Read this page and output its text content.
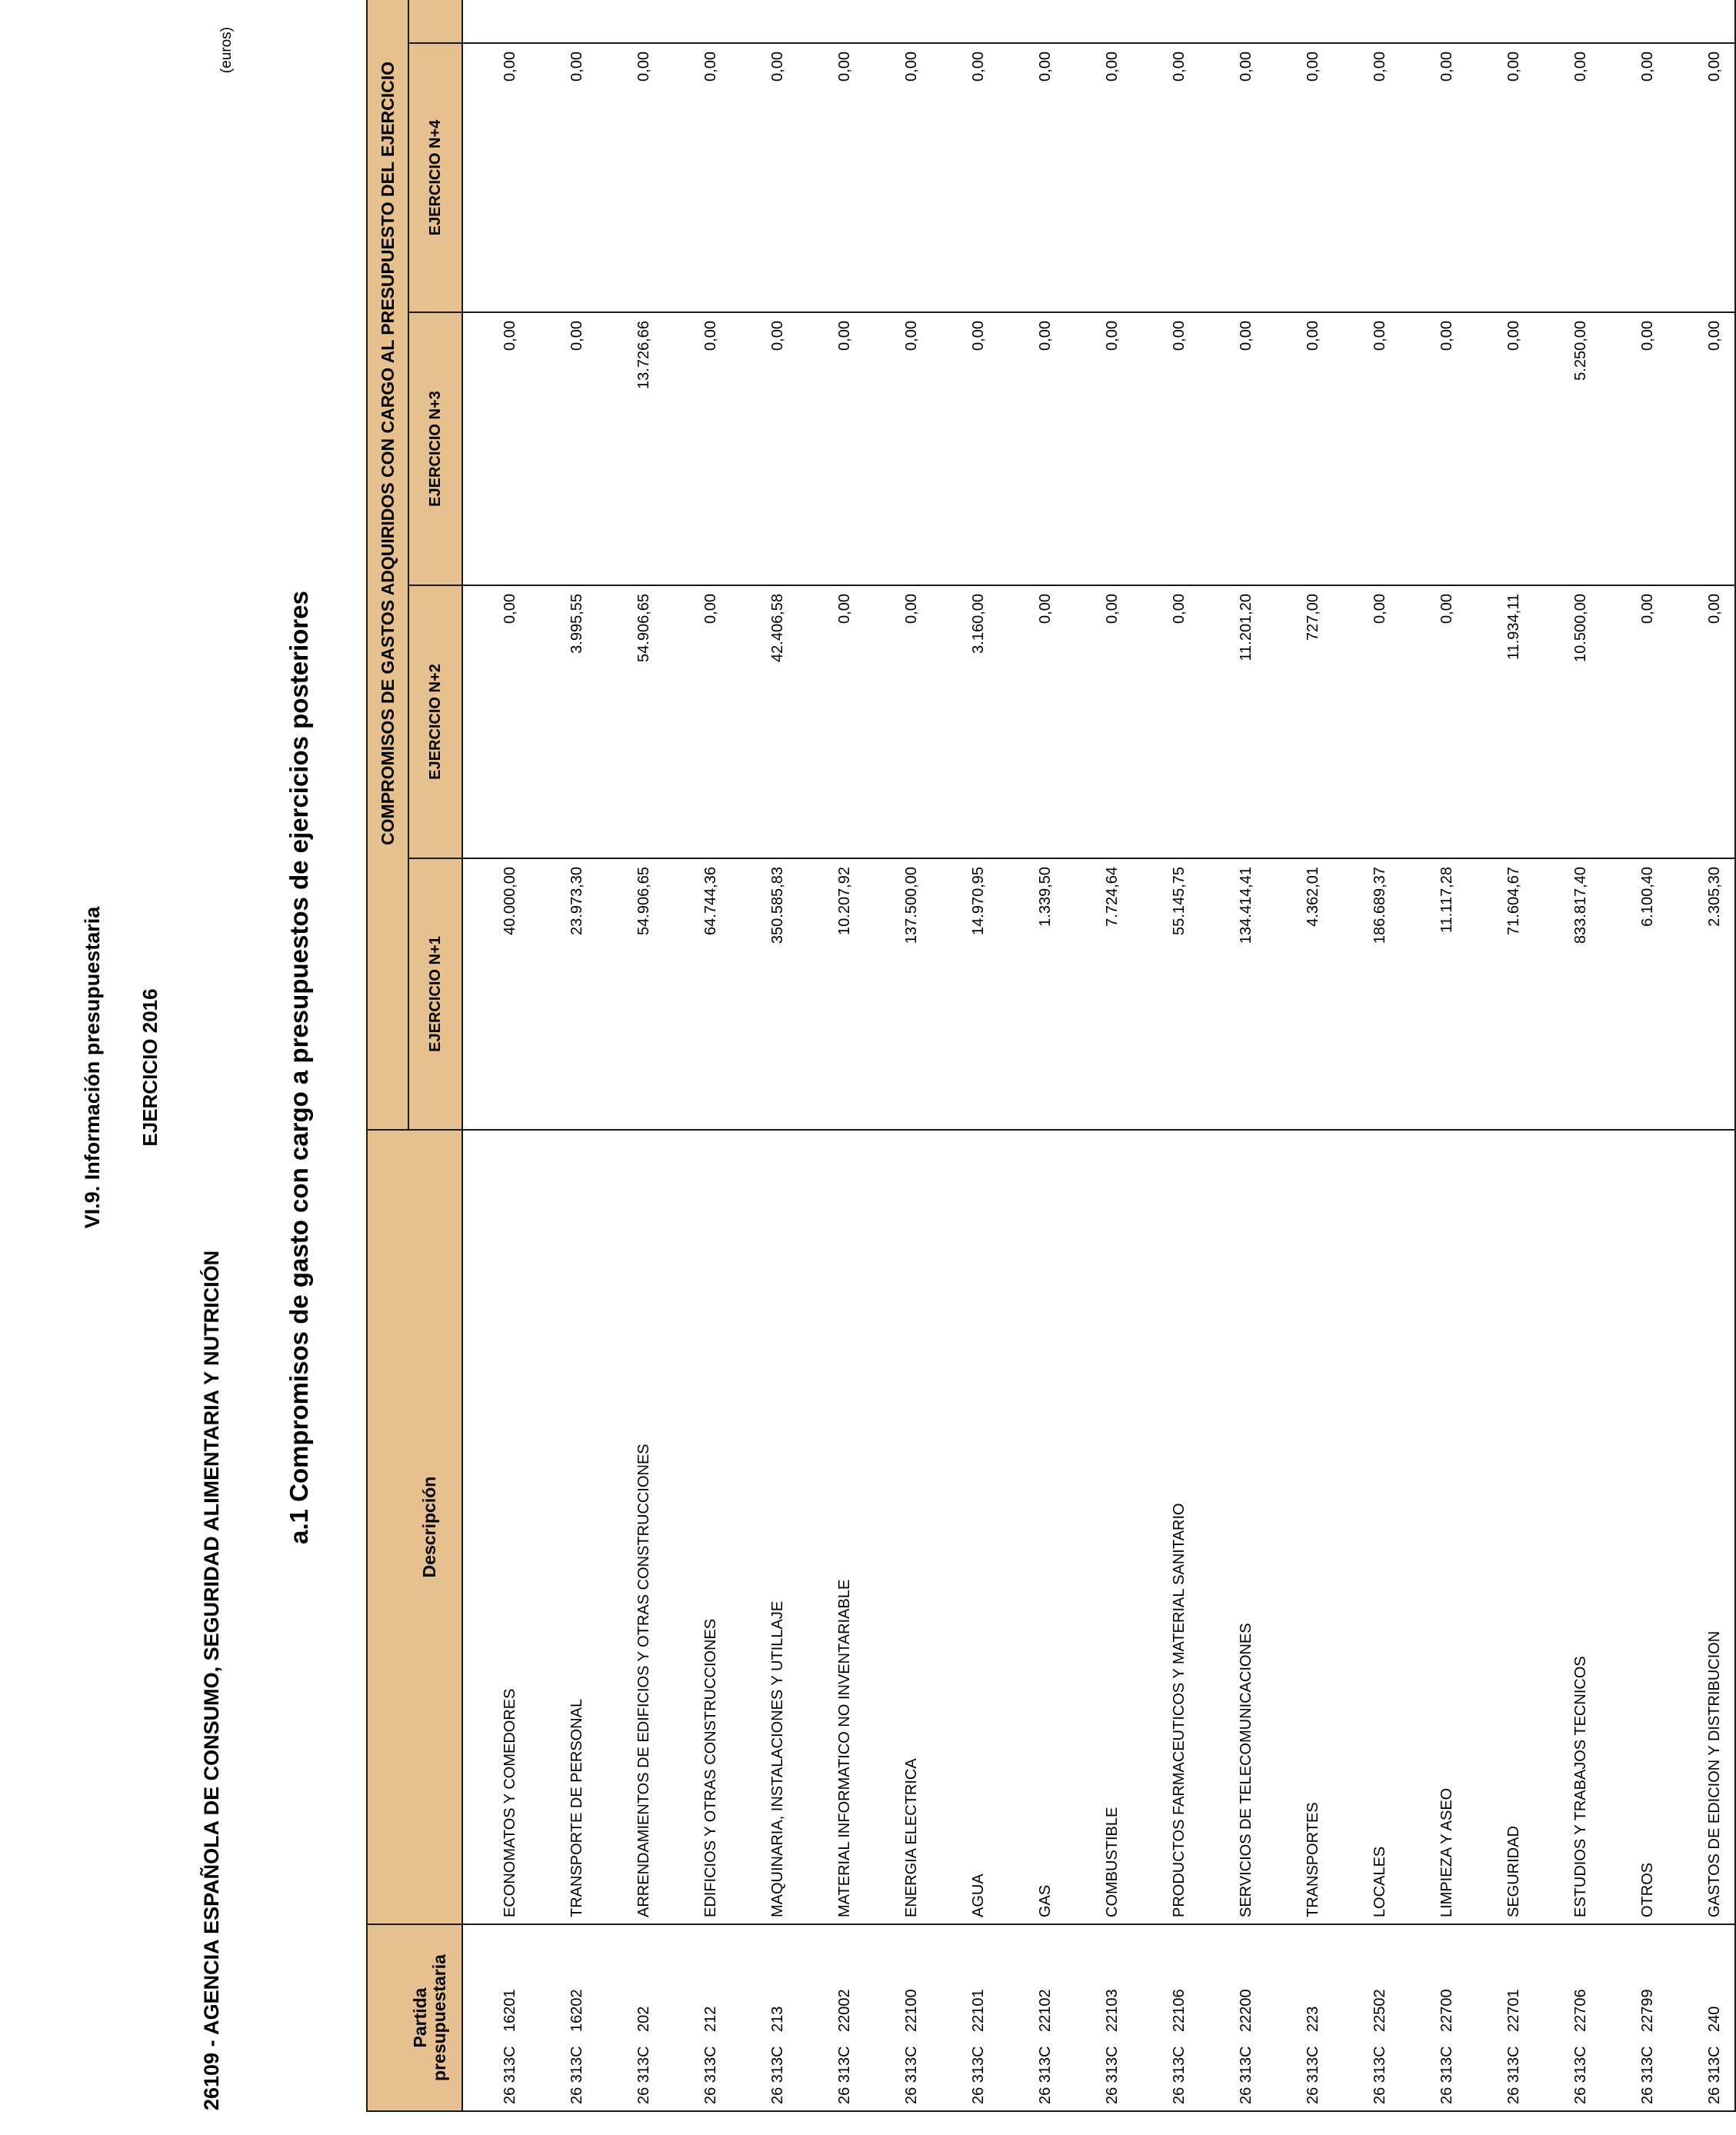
VI.9. Información presupuestaria EJERCICIO 2016
26109 - AGENCIA ESPAÑOLA DE CONSUMO, SEGURIDAD ALIMENTARIA Y NUTRICIÓN
a.1 Compromisos de gasto con cargo a presupuestos de ejercicios posteriores
(euros)
Partida presupuestaria	Descripción	COMPROMISOS DE GASTOS ADQUIRIDOS CON CARGO AL PRESUPUESTO DEL EJERCICIO				
		EJERCICIO N+1	EJERCICIO N+2	EJERCICIO N+3	EJERCICIO N+4	
26 313C16201	ECONOMATOS Y COMEDORES	40.000,00	0,00	0,00	0,00	
26 313C16202	TRANSPORTE DE PERSONAL	23.973,30	3.995,55	0,00	0,00	
26 313C202	ARRENDAMIENTOS DE EDIFICIOS Y OTRAS CONSTRUCCIONES	54.906,65	54.906,65	13.726,66	0,00	
26 313C212	EDIFICIOS Y OTRAS CONSTRUCCIONES	64.744,36	0,00	0,00	0,00	
26 313C213	MAQUINARIA, INSTALACIONES Y UTILLAJE	350.585,83	42.406,58	0,00	0,00	
26 313C22002	MATERIAL INFORMATICO NO INVENTARIABLE	10.207,92	0,00	0,00	0,00	
26 313C22100	ENERGIA ELECTRICA	137.500,00	0,00	0,00	0,00	
26 313C22101	AGUA	14.970,95	3.160,00	0,00	0,00	
26 313C22102	GAS	1.339,50	0,00	0,00	0,00	
26 313C22103	COMBUSTIBLE	7.724,64	0,00	0,00	0,00	
26 313C22106	PRODUCTOS FARMACEUTICOS Y MATERIAL SANITARIO	55.145,75	0,00	0,00	0,00	
26 313C22200	SERVICIOS DE TELECOMUNICACIONES	134.414,41	11.201,20	0,00	0,00	
26 313C223	TRANSPORTES	4.362,01	727,00	0,00	0,00	
26 313C22502	LOCALES	186.689,37	0,00	0,00	0,00	
26 313C22700	LIMPIEZA Y ASEO	11.117,28	0,00	0,00	0,00	
26 313C22701	SEGURIDAD	71.604,67	11.934,11	0,00	0,00	
26 313C22706	ESTUDIOS Y TRABAJOS TECNICOS	833.817,40	10.500,00	5.250,00	0,00	
26 313C22799	OTROS	6.100,40	0,00	0,00	0,00	
26 313C240	GASTOS DE EDICION Y DISTRIBUCION	2.305,30	0,00	0,00	0,00	
